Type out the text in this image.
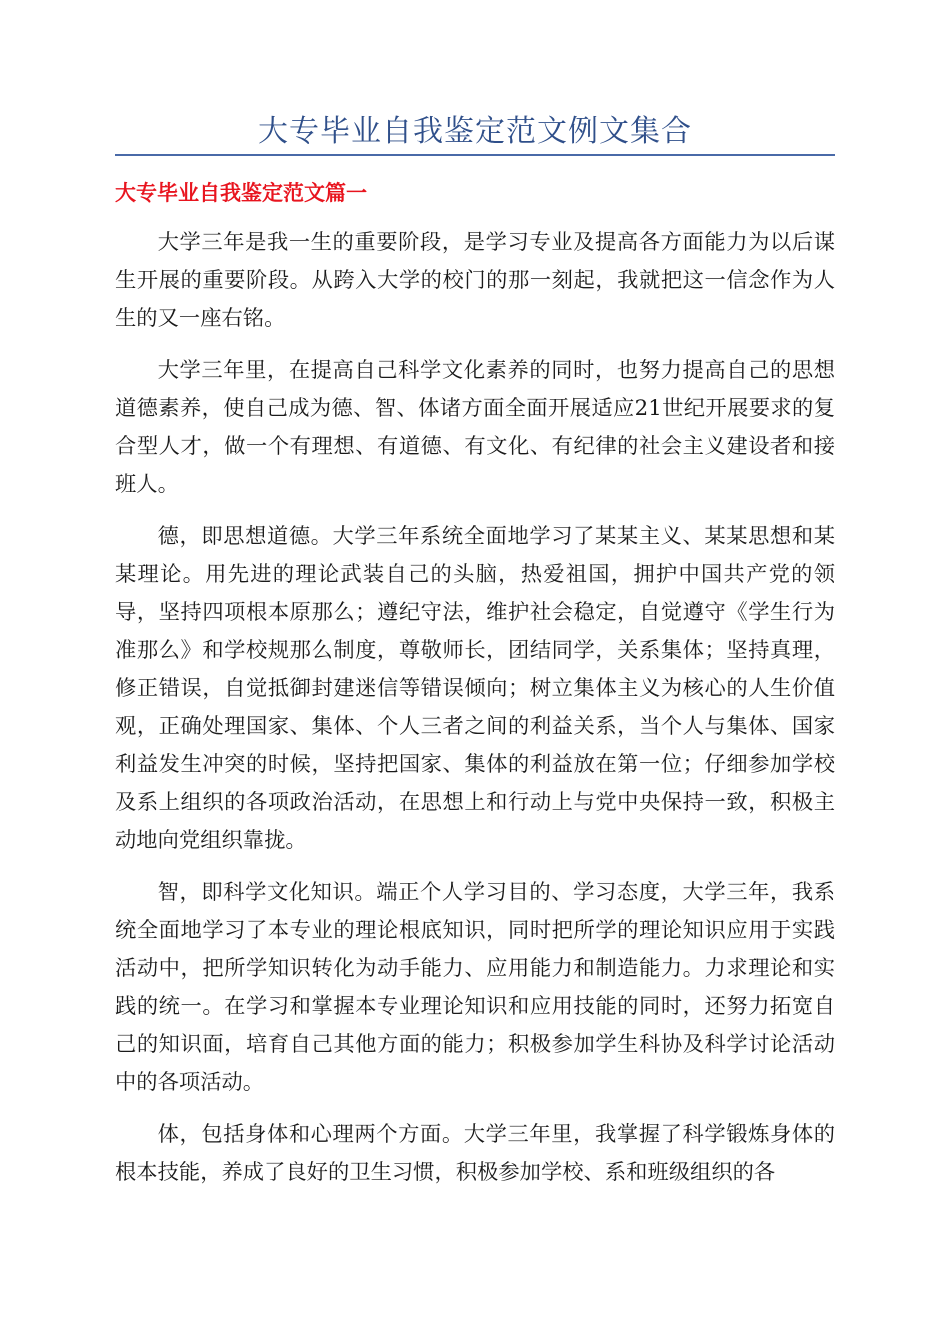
大专毕业自我鉴定范文例文集合
大专毕业自我鉴定范文篇一

大学三年是我一生的重要阶段，是学习专业及提高各方面能力为以后谋生开展的重要阶段。从跨入大学的校门的那一刻起，我就把这一信念作为人生的又一座右铭。

大学三年里，在提高自己科学文化素养的同时，也努力提高自己的思想道德素养，使自己成为德、智、体诸方面全面开展适应21世纪开展要求的复合型人才，做一个有理想、有道德、有文化、有纪律的社会主义建设者和接班人。

德，即思想道德。大学三年系统全面地学习了某某主义、某某思想和某某理论。用先进的理论武装自己的头脑，热爱祖国，拥护中国共产党的领导，坚持四项根本原那么；遵纪守法，维护社会稳定，自觉遵守《学生行为准那么》和学校规那么制度，尊敬师长，团结同学，关系集体；坚持真理，修正错误，自觉抵御封建迷信等错误倾向；树立集体主义为核心的人生价值观，正确处理国家、集体、个人三者之间的利益关系，当个人与集体、国家利益发生冲突的时候，坚持把国家、集体的利益放在第一位；仔细参加学校及系上组织的各项政治活动，在思想上和行动上与党中央保持一致，积极主动地向党组织靠拢。

智，即科学文化知识。端正个人学习目的、学习态度，大学三年，我系统全面地学习了本专业的理论根底知识，同时把所学的理论知识应用于实践活动中，把所学知识转化为动手能力、应用能力和制造能力。力求理论和实践的统一。在学习和掌握本专业理论知识和应用技能的同时，还努力拓宽自己的知识面，培育自己其他方面的能力；积极参加学生科协及科学讨论活动中的各项活动。

体，包括身体和心理两个方面。大学三年里，我掌握了科学锻炼身体的根本技能，养成了良好的卫生习惯，积极参加学校、系和班级组织的各
